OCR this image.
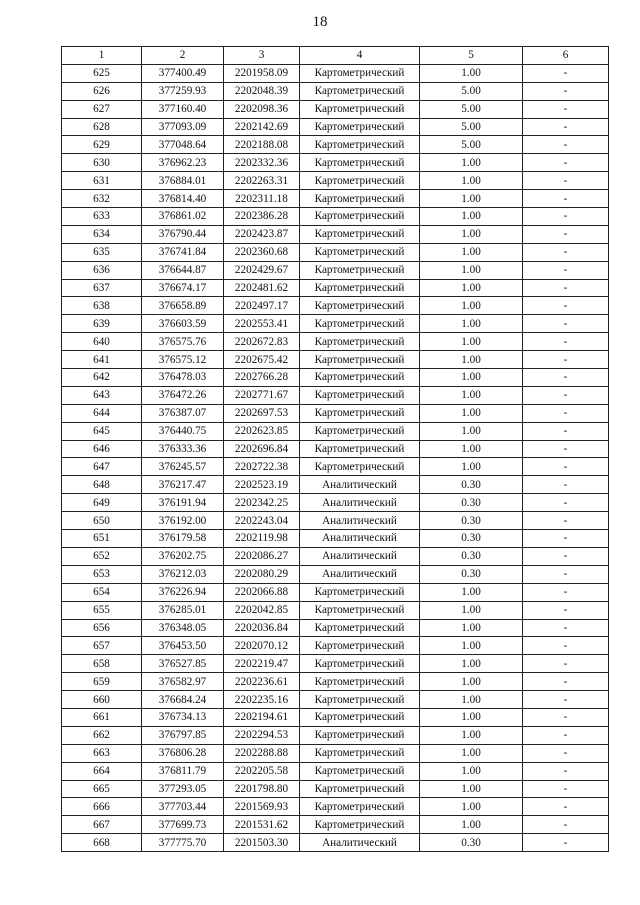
18
1	2	3	4	5	6
625	377400.49	2201958.09	Картометрический	1.00	-
626	377259.93	2202048.39	Картометрический	5.00	-
627	377160.40	2202098.36	Картометрический	5.00	-
628	377093.09	2202142.69	Картометрический	5.00	-
629	377048.64	2202188.08	Картометрический	5.00	-
630	376962.23	2202332.36	Картометрический	1.00	-
631	376884.01	2202263.31	Картометрический	1.00	-
632	376814.40	2202311.18	Картометрический	1.00	-
633	376861.02	2202386.28	Картометрический	1.00	-
634	376790.44	2202423.87	Картометрический	1.00	-
635	376741.84	2202360.68	Картометрический	1.00	-
636	376644.87	2202429.67	Картометрический	1.00	-
637	376674.17	2202481.62	Картометрический	1.00	-
638	376658.89	2202497.17	Картометрический	1.00	-
639	376603.59	2202553.41	Картометрический	1.00	-
640	376575.76	2202672.83	Картометрический	1.00	-
641	376575.12	2202675.42	Картометрический	1.00	-
642	376478.03	2202766.28	Картометрический	1.00	-
643	376472.26	2202771.67	Картометрический	1.00	-
644	376387.07	2202697.53	Картометрический	1.00	-
645	376440.75	2202623.85	Картометрический	1.00	-
646	376333.36	2202696.84	Картометрический	1.00	-
647	376245.57	2202722.38	Картометрический	1.00	-
648	376217.47	2202523.19	Аналитический	0.30	-
649	376191.94	2202342.25	Аналитический	0.30	-
650	376192.00	2202243.04	Аналитический	0.30	-
651	376179.58	2202119.98	Аналитический	0.30	-
652	376202.75	2202086.27	Аналитический	0.30	-
653	376212.03	2202080.29	Аналитический	0.30	-
654	376226.94	2202066.88	Картометрический	1.00	-
655	376285.01	2202042.85	Картометрический	1.00	-
656	376348.05	2202036.84	Картометрический	1.00	-
657	376453.50	2202070.12	Картометрический	1.00	-
658	376527.85	2202219.47	Картометрический	1.00	-
659	376582.97	2202236.61	Картометрический	1.00	-
660	376684.24	2202235.16	Картометрический	1.00	-
661	376734.13	2202194.61	Картометрический	1.00	-
662	376797.85	2202294.53	Картометрический	1.00	-
663	376806.28	2202288.88	Картометрический	1.00	-
664	376811.79	2202205.58	Картометрический	1.00	-
665	377293.05	2201798.80	Картометрический	1.00	-
666	377703.44	2201569.93	Картометрический	1.00	-
667	377699.73	2201531.62	Картометрический	1.00	-
668	377775.70	2201503.30	Аналитический	0.30	-
